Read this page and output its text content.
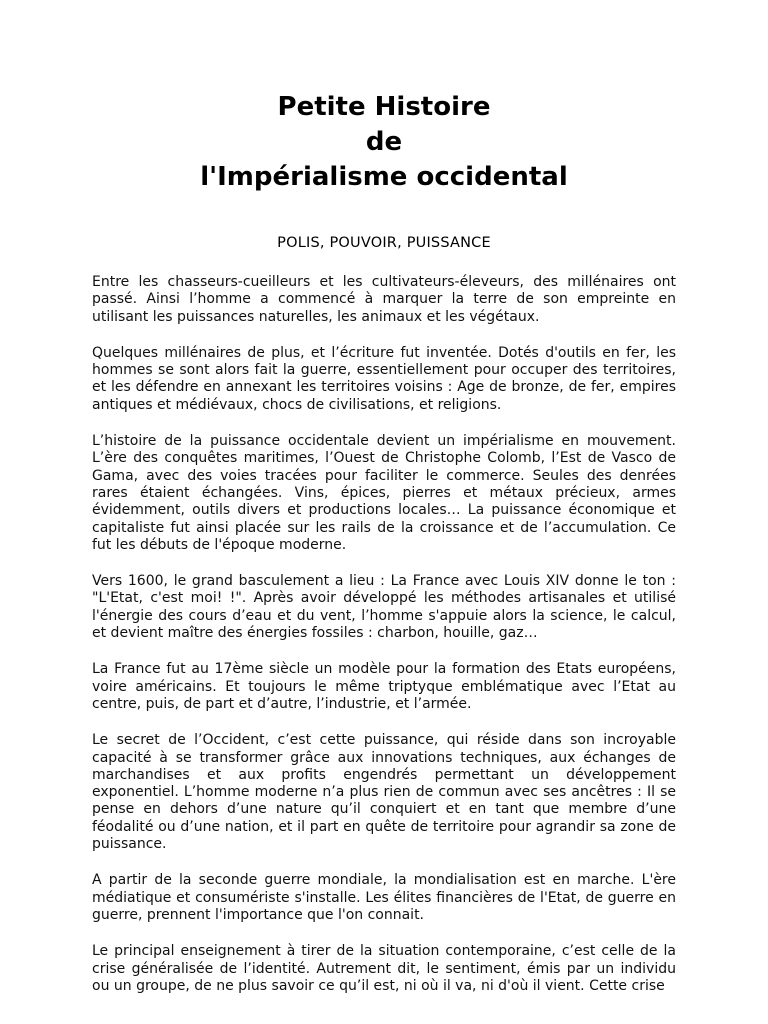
Petite Histoire
de
l'Impérialisme occidental
POLIS, POUVOIR, PUISSANCE

Entre les chasseurs-cueilleurs et les cultivateurs-éleveurs, des millénaires ont passé. Ainsi l’homme a commencé à marquer la terre de son empreinte en utilisant les puissances naturelles, les animaux et les végétaux.

Quelques millénaires de plus, et l’écriture fut inventée. Dotés d'outils en fer, les hommes se sont alors fait la guerre, essentiellement pour occuper des territoires, et les défendre en annexant les territoires voisins : Age de bronze, de fer, empires antiques et médiévaux, chocs de civilisations, et religions.

L’histoire de la puissance occidentale devient un impérialisme en mouvement. L’ère des conquêtes maritimes, l’Ouest de Christophe Colomb, l’Est de Vasco de Gama, avec des voies tracées pour faciliter le commerce. Seules des denrées rares étaient échangées. Vins, épices, pierres et métaux précieux, armes évidemment, outils divers et productions locales… La puissance économique et capitaliste fut ainsi placée sur les rails de la croissance et de l’accumulation. Ce fut les débuts de l'époque moderne.

Vers 1600, le grand basculement a lieu : La France avec Louis XIV donne le ton : "L'Etat, c'est moi! !". Après avoir développé les méthodes artisanales et utilisé l'énergie des cours d’eau et du vent, l’homme s'appuie alors la science, le calcul, et devient maître des énergies fossiles : charbon, houille, gaz…

La France fut au 17ème siècle un modèle pour la formation des Etats européens, voire américains. Et toujours le même triptyque emblématique avec l’Etat au centre, puis, de part et d’autre, l’industrie, et l’armée.

Le secret de l’Occident, c’est cette puissance, qui réside dans son incroyable capacité à se transformer grâce aux innovations techniques, aux échanges de marchandises et aux profits engendrés permettant un développement exponentiel. L’homme moderne n’a plus rien de commun avec ses ancêtres : Il se pense en dehors d’une nature qu’il conquiert et en tant que membre d’une féodalité ou d’une nation, et il part en quête de territoire pour agrandir sa zone de puissance.

A partir de la seconde guerre mondiale, la mondialisation est en marche. L'ère médiatique et consumériste s'installe. Les élites financières de l'Etat, de guerre en guerre, prennent l'importance que l'on connait.

Le principal enseignement à tirer de la situation contemporaine, c’est celle de la crise généralisée de l’identité. Autrement dit, le sentiment, émis par un individu ou un groupe, de ne plus savoir ce qu’il est, ni où il va, ni d'où il vient. Cette crise
